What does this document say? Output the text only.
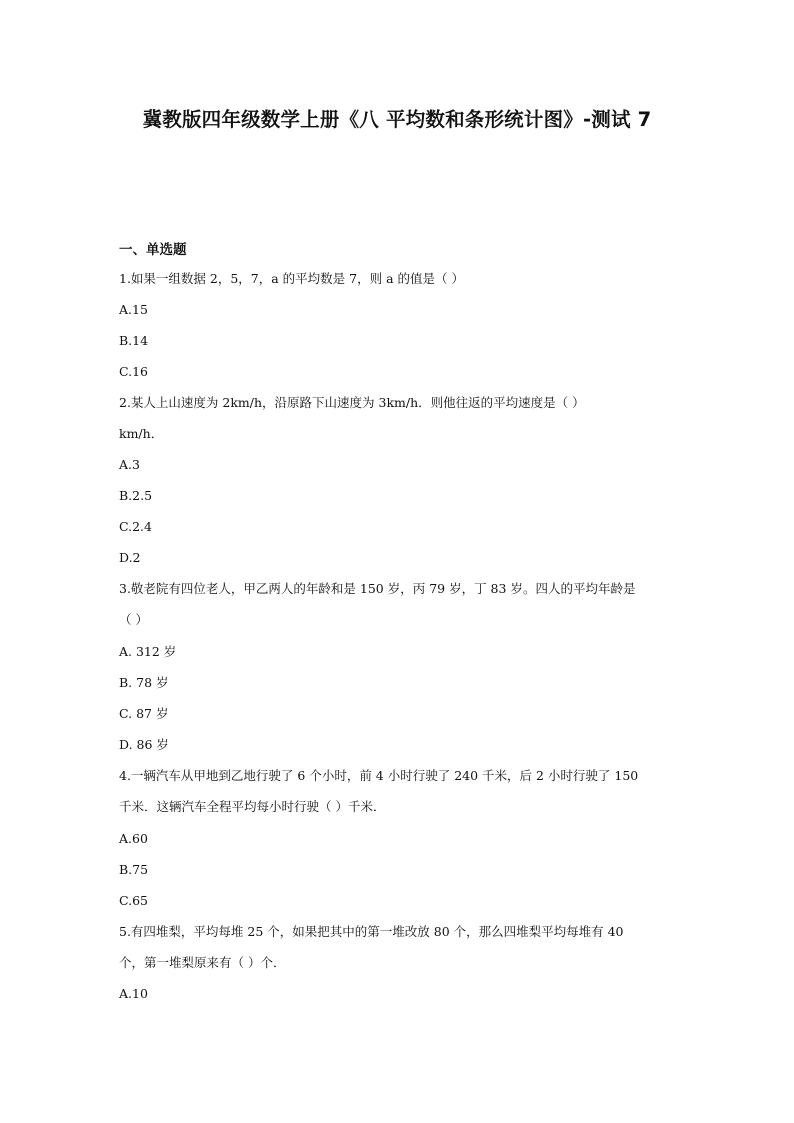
冀教版四年级数学上册《八 平均数和条形统计图》-测试 7
一、单选题
1.如果一组数据 2，5，7，a 的平均数是 7，则 a 的值是（ ）
A.15
B.14
C.16
2.某人上山速度为 2km/h，沿原路下山速度为 3km/h．则他往返的平均速度是（ ）
km/h．
A.3
B.2.5
C.2.4
D.2
3.敬老院有四位老人，甲乙两人的年龄和是 150 岁，丙 79 岁，丁 83 岁。四人的平均年龄是
（ ）
A. 312 岁
B. 78 岁
C. 87 岁
D. 86 岁
4.一辆汽车从甲地到乙地行驶了 6 个小时，前 4 小时行驶了 240 千米，后 2 小时行驶了 150
千米．这辆汽车全程平均每小时行驶（ ）千米．
A.60
B.75
C.65
5.有四堆梨，平均每堆 25 个，如果把其中的第一堆改放 80 个，那么四堆梨平均每堆有 40
个，第一堆梨原来有（ ）个．
A.10
